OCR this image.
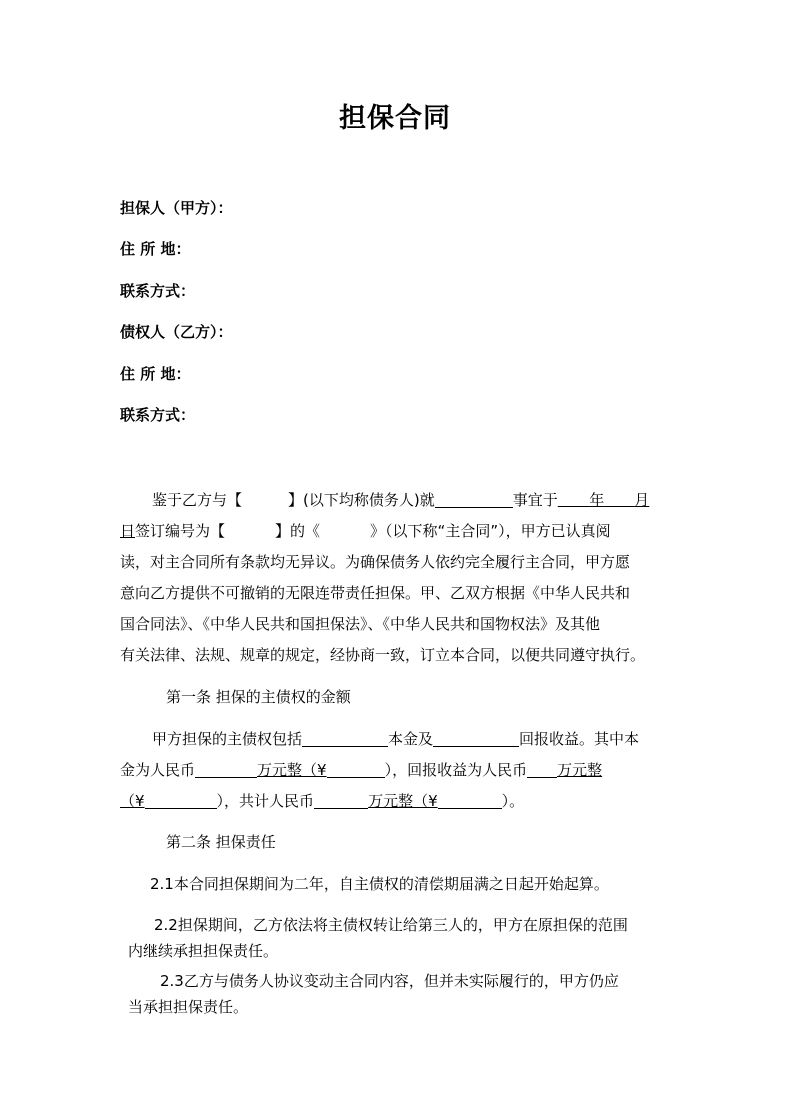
担保合同
担保人（甲方）：
住 所 地：
联系方式：
债权人（乙方）：
住 所 地：
联系方式：
鉴于乙方与【	】(以下均称债务人)就	事宜于    年   月
日签订编号为【	】的《	》（以下称“主合同”），甲方已认真阅
读，对主合同所有条款均无异议。为确保债务人依约完全履行主合同，甲方愿
意向乙方提供不可撤销的无限连带责任担保。甲、乙双方根据《中华人民共和
国合同法》、《中华人民共和国担保法》、《中华人民共和国物权法》及其他
有关法律、法规、规章的规定，经协商一致，订立本合同，以便共同遵守执行。
第一条 担保的主债权的金额
甲方担保的主债权包括	本金及	回报收益。其中本
金为人民币	万元整（¥	），回报收益为人民币 万元整
（¥	），共计人民币	万元整（¥	）。
第二条 担保责任
2.1本合同担保期间为二年，自主债权的清偿期届满之日起开始起算。
2.2担保期间，乙方依法将主债权转让给第三人的，甲方在原担保的范围
内继续承担担保责任。
2.3乙方与债务人协议变动主合同内容，但并未实际履行的，甲方仍应
当承担担保责任。
